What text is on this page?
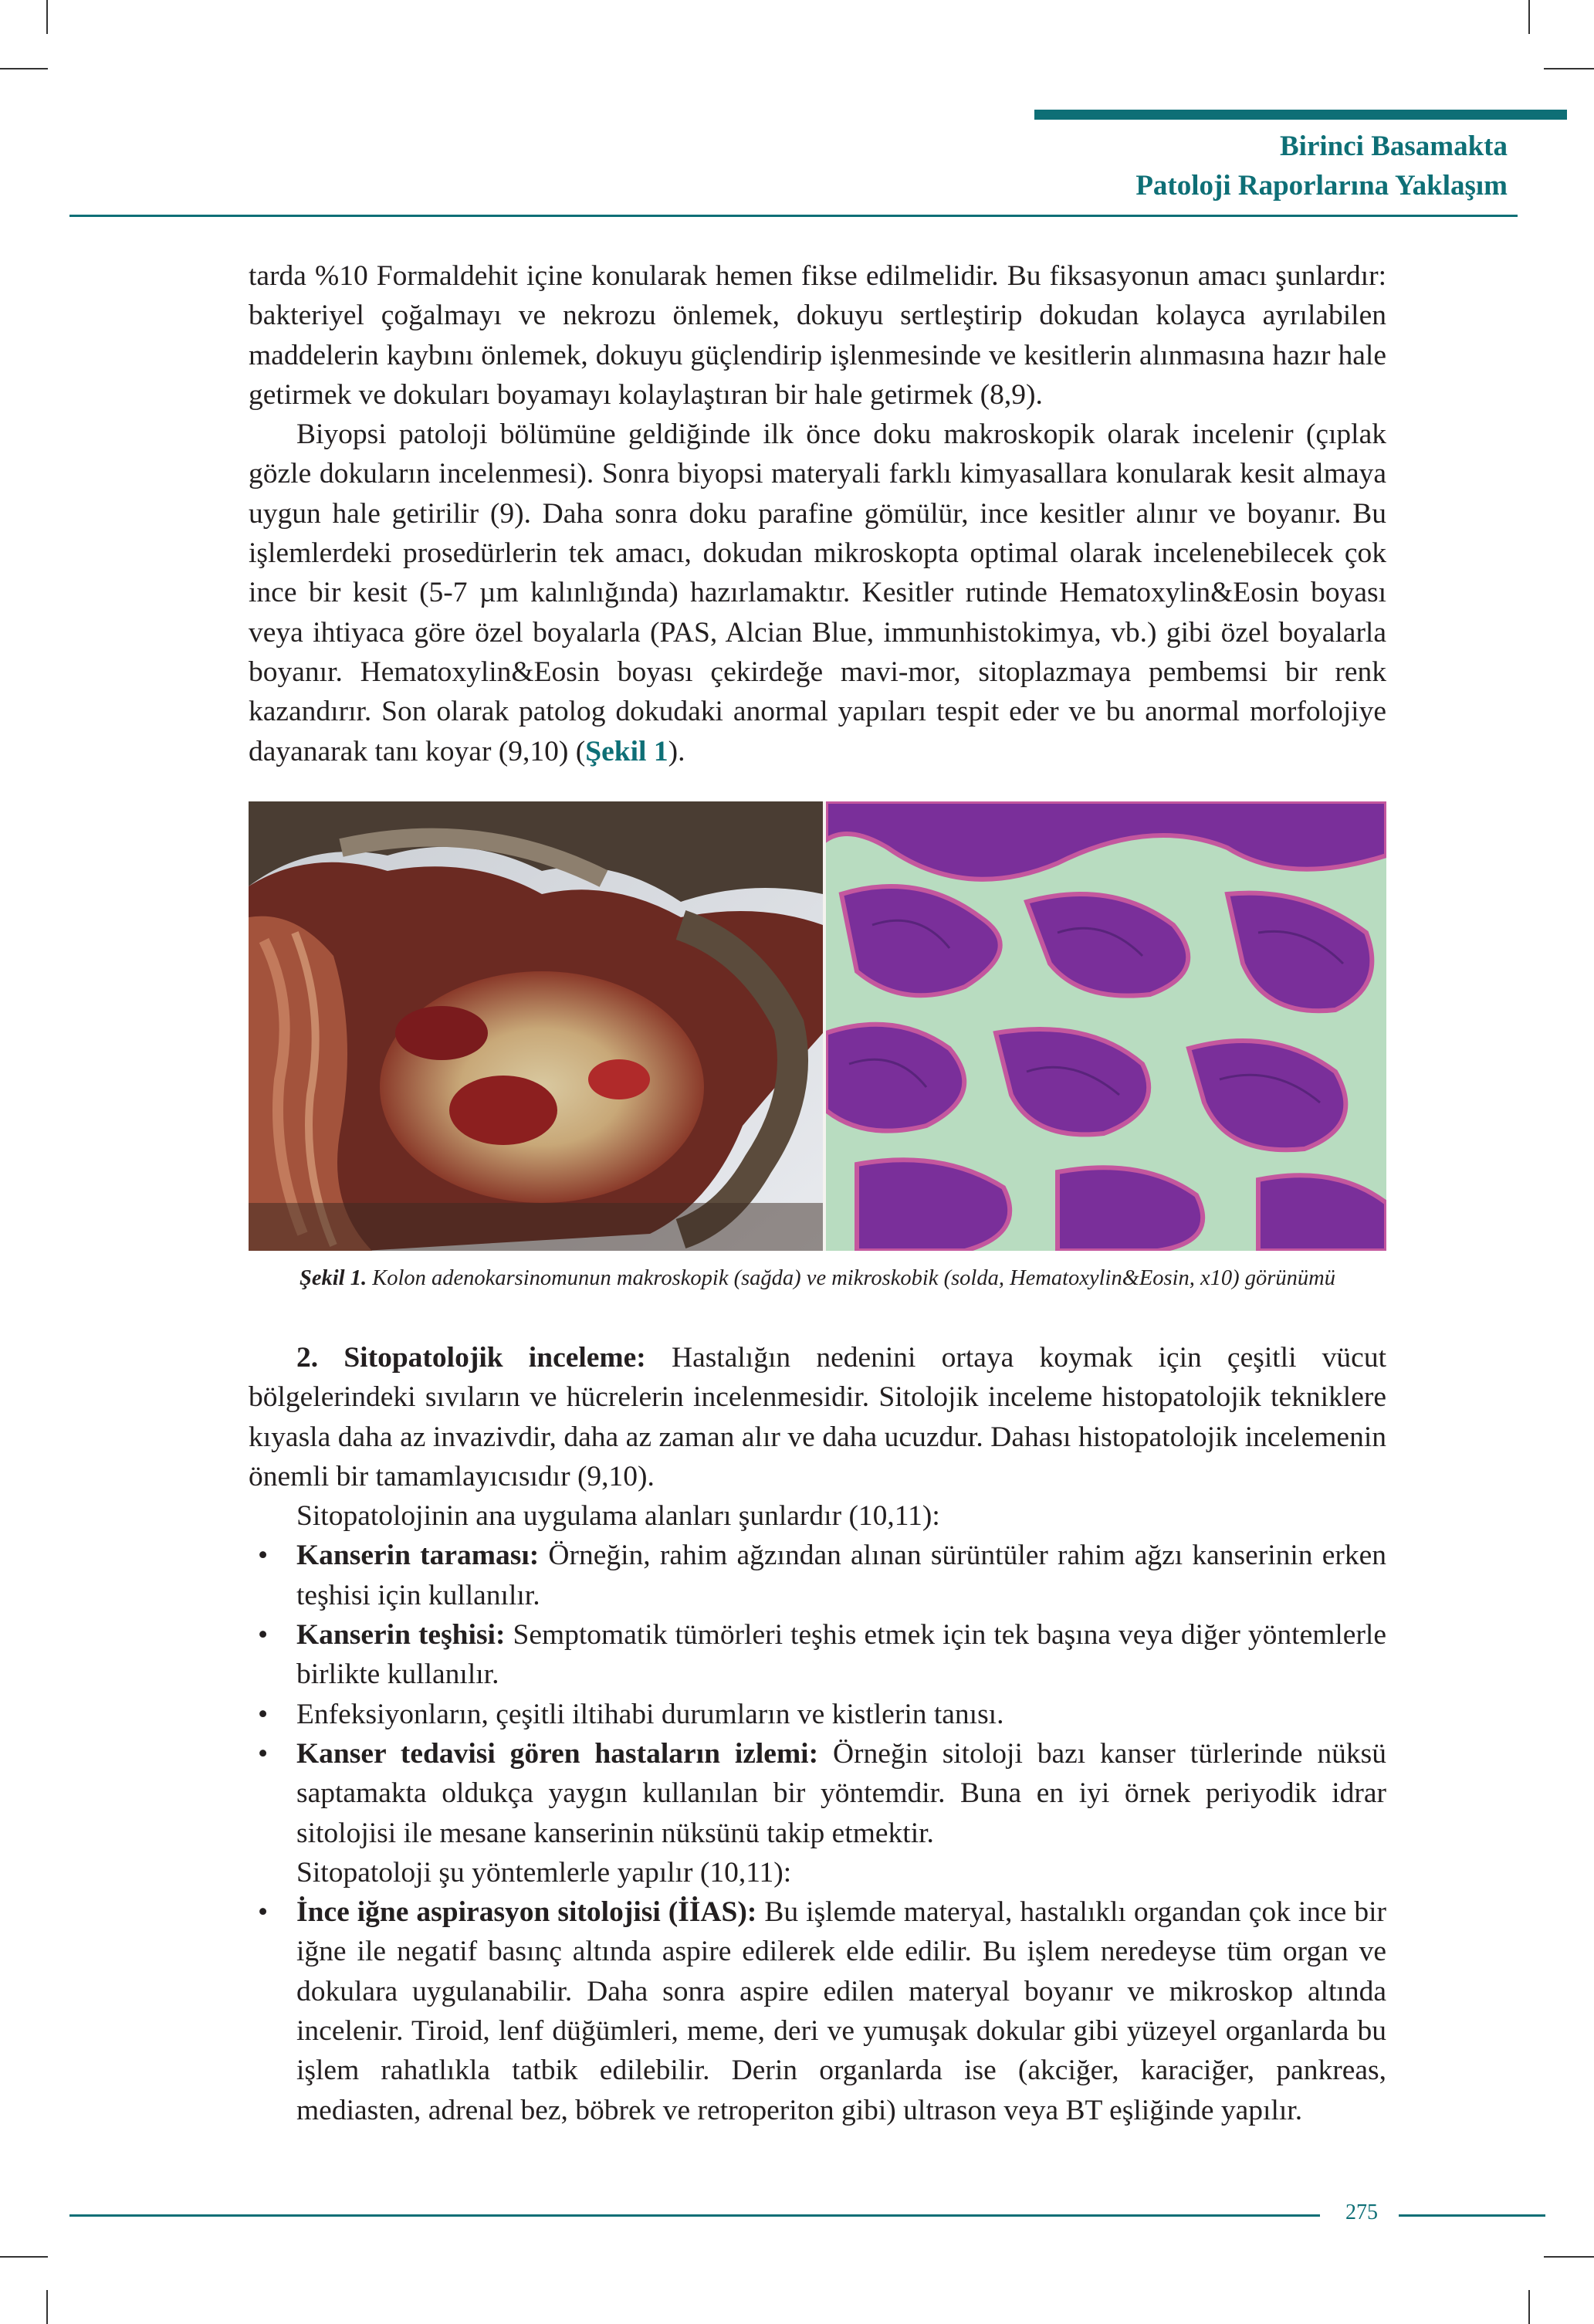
Birinci Basamakta
Patoloji Raporlarına Yaklaşım

tarda %10 Formaldehit içine konularak hemen fikse edilmelidir. Bu fiksasyonun amacı şunlardır: bakteriyel çoğalmayı ve nekrozu önlemek, dokuyu sertleştirip dokudan kolayca ayrılabilen maddelerin kaybını önlemek, dokuyu güçlendirip işlenmesinde ve kesitlerin alınmasına hazır hale getirmek ve dokuları boyamayı kolaylaştıran bir hale getirmek (8,9).

Biyopsi patoloji bölümüne geldiğinde ilk önce doku makroskopik olarak incelenir (çıplak gözle dokuların incelenmesi). Sonra biyopsi materyali farklı kimyasallara konularak kesit almaya uygun hale getirilir (9). Daha sonra doku parafine gömülür, ince kesitler alınır ve boyanır. Bu işlemlerdeki prosedürlerin tek amacı, dokudan mikroskopta optimal olarak incelenebilecek çok ince bir kesit (5-7 µm kalınlığında) hazırlamaktır. Kesitler rutinde Hematoxylin&Eosin boyası veya ihtiyaca göre özel boyalarla (PAS, Alcian Blue, immunhistokimya, vb.) gibi özel boyalarla boyanır. Hematoxylin&Eosin boyası çekirdeğe mavi-mor, sitoplazmaya pembemsi bir renk kazandırır. Son olarak patolog dokudaki anormal yapıları tespit eder ve bu anormal morfolojiye dayanarak tanı koyar (9,10) (Şekil 1).

Şekil 1. Kolon adenokarsinomunun makroskopik (sağda) ve mikroskobik (solda, Hematoxylin&Eosin, x10) görünümü

2. Sitopatolojik inceleme: Hastalığın nedenini ortaya koymak için çeşitli vücut bölgelerindeki sıvıların ve hücrelerin incelenmesidir. Sitolojik inceleme histopatolojik tekniklere kıyasla daha az invazivdir, daha az zaman alır ve daha ucuzdur. Dahası histopatolojik incelemenin önemli bir tamamlayıcısıdır (9,10).

Sitopatolojinin ana uygulama alanları şunlardır (10,11):

• Kanserin taraması: Örneğin, rahim ağzından alınan sürüntüler rahim ağzı kanserinin erken teşhisi için kullanılır.
• Kanserin teşhisi: Semptomatik tümörleri teşhis etmek için tek başına veya diğer yöntemlerle birlikte kullanılır.
• Enfeksiyonların, çeşitli iltihabi durumların ve kistlerin tanısı.
• Kanser tedavisi gören hastaların izlemi: Örneğin sitoloji bazı kanser türlerinde nüksü saptamakta oldukça yaygın kullanılan bir yöntemdir. Buna en iyi örnek periyodik idrar sitolojisi ile mesane kanserinin nüksünü takip etmektir.

Sitopatoloji şu yöntemlerle yapılır (10,11):

• İnce iğne aspirasyon sitolojisi (İİAS): Bu işlemde materyal, hastalıklı organdan çok ince bir iğne ile negatif basınç altında aspire edilerek elde edilir. Bu işlem neredeyse tüm organ ve dokulara uygulanabilir. Daha sonra aspire edilen materyal boyanır ve mikroskop altında incelenir. Tiroid, lenf düğümleri, meme, deri ve yumuşak dokular gibi yüzeyel organlarda bu işlem rahatlıkla tatbik edilebilir. Derin organlarda ise (akciğer, karaciğer, pankreas, mediasten, adrenal bez, böbrek ve retroperiton gibi) ultrason veya BT eşliğinde yapılır.
275
